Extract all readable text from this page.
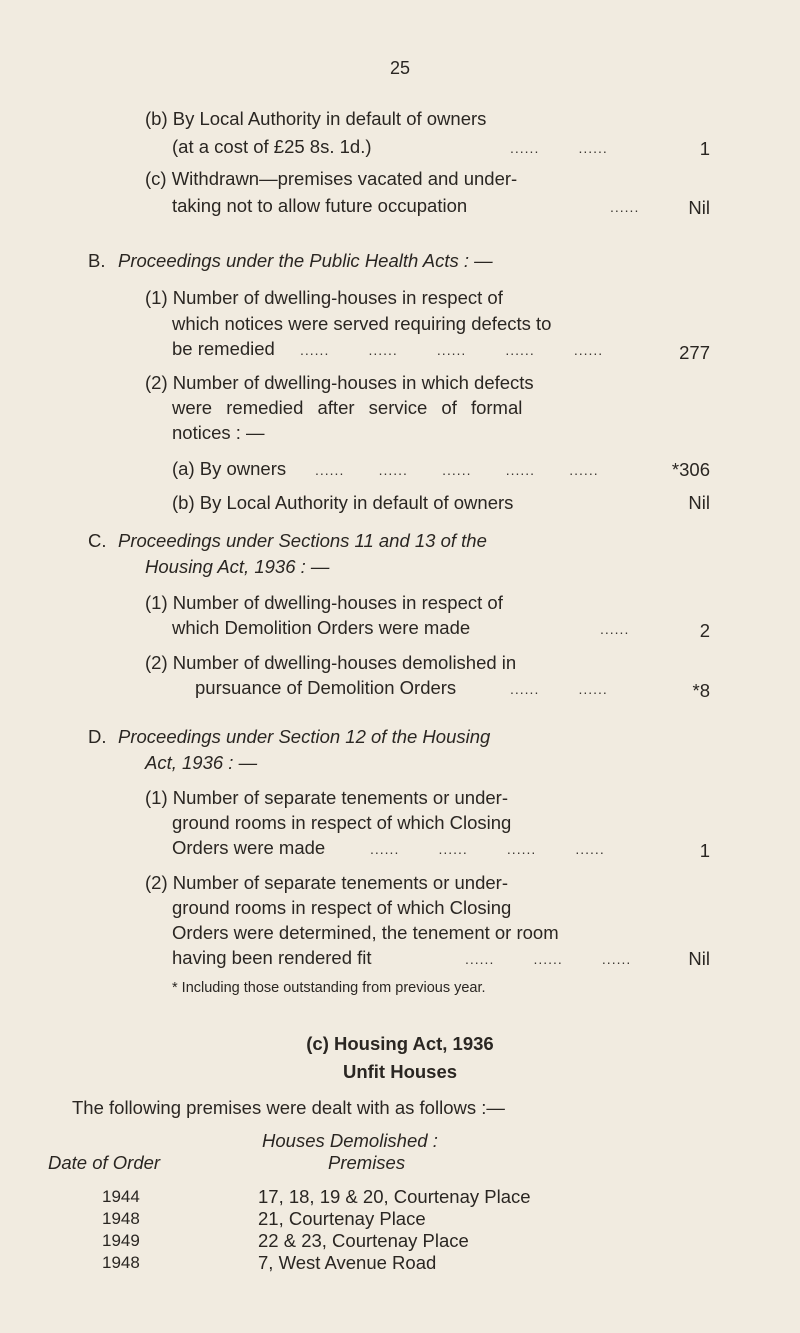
25
(b) By Local Authority in default of owners
(at a cost of £25 8s. 1d.)	......        ......	1
(c) Withdrawn—premises vacated and under-
taking not to allow future occupation	......	Nil
B. Proceedings under the Public Health Acts : —
(1) Number of dwelling-houses in respect of
which notices were served requiring defects to
be remedied ......        ......        ......        ......        ......	277
(2) Number of dwelling-houses in which defects
were remedied after service of formal
notices : —
(a) By owners ......       ......       ......       ......       ......	*306
(b) By Local Authority in default of owners	Nil
C. Proceedings under Sections 11 and 13 of the
Housing Act, 1936 : —
(1) Number of dwelling-houses in respect of
which Demolition Orders were made	......	2
(2) Number of dwelling-houses demolished in
pursuance of Demolition Orders	......        ......	*8
D. Proceedings under Section 12 of the Housing
Act, 1936 : —
(1) Number of separate tenements or under-
ground rooms in respect of which Closing
Orders were made	......        ......        ......        ......	1
(2) Number of separate tenements or under-
ground rooms in respect of which Closing
Orders were determined, the tenement or room
having been rendered fit	......        ......        ......	Nil
* Including those outstanding from previous year.
(c) Housing Act, 1936
Unfit Houses
The following premises were dealt with as follows :—
Houses Demolished :
Date of Order	Premises
1944	17, 18, 19 & 20, Courtenay Place
1948	21, Courtenay Place
1949	22 & 23, Courtenay Place
1948	7, West Avenue Road
